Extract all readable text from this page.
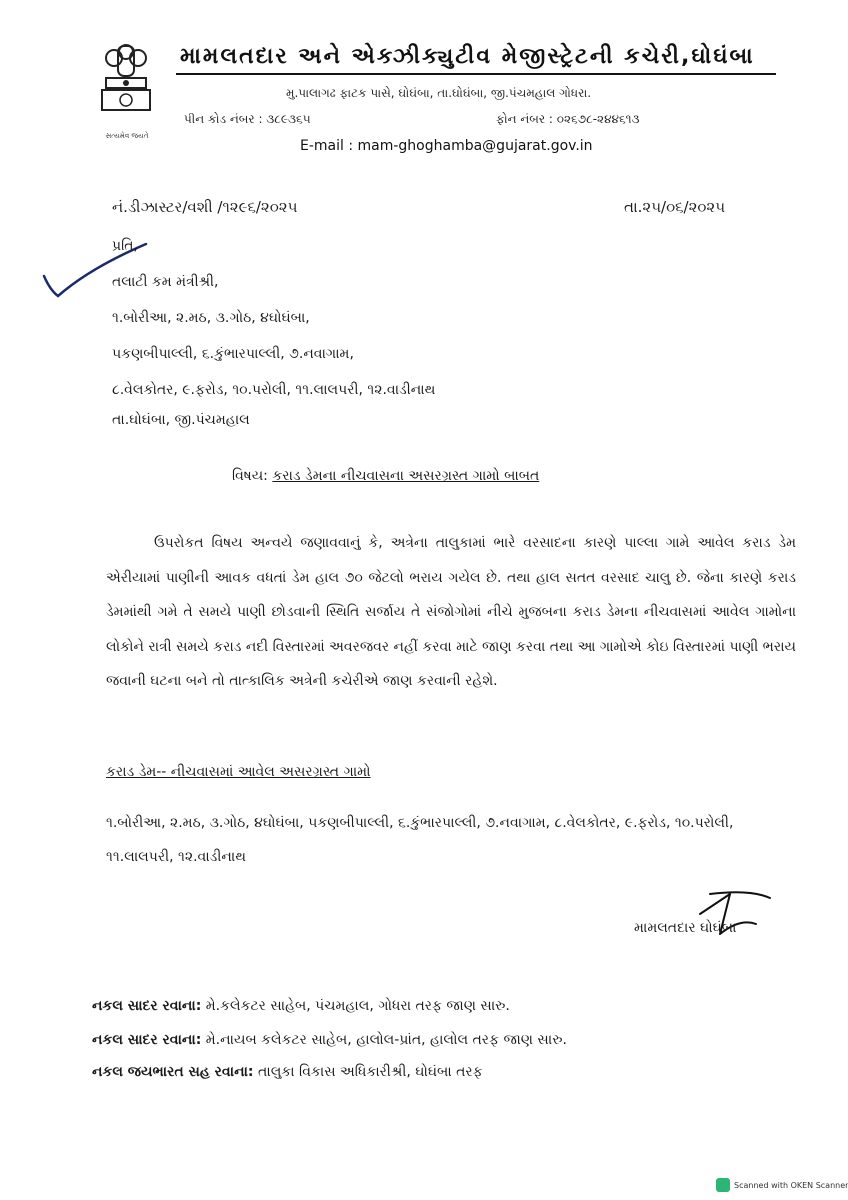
સત્યમેવ જયતે
મામલતદાર અને એક્ઝીક્યુટીવ મેજીસ્ટ્રેટની કચેરી,ઘોઘંબા
મુ.પાલાગઢ ફાટક પાસે, ઘોઘંબા, તા.ઘોઘંબા, જી.પંચમહાલ ગોધરા.
પીન કોડ નંબર : ૩૮૯૩૬૫	ફોન નંબર : ૦૨૬૭૮-૨૪૪૬૧૩
E-mail : mam-ghoghamba@gujarat.gov.in
નં.ડીઝાસ્ટર/વશી /૧૨૯૬/૨૦૨૫	તા.૨૫/૦૬/૨૦૨૫
પ્રતિ,
તલાટી કમ મંત્રીશ્રી,
૧.બોરીઆ, ૨.મઠ, ૩.ગોઠ, ૪ઘોઘંબા,
૫કણબીપાલ્લી, ૬.કુંભારપાલ્લી, ૭.નવાગામ,
૮.વેલકોતર, ૯.ફરોડ, ૧૦.પરોલી, ૧૧.લાલપરી, ૧૨.વાડીનાથ
તા.ઘોઘંબા, જી.પંચમહાલ
વિષય: કરાડ ડેમના નીચવાસના અસરગ્રસ્ત ગામો બાબત
ઉપરોકત વિષય અન્વયે જણાવવાનું કે, અત્રેના તાલુકામાં ભારે વરસાદના કારણે પાલ્લા ગામે આવેલ કરાડ ડેમ એરીયામાં પાણીની આવક વધતાં ડેમ હાલ ૭૦ જેટલો ભરાય ગયેલ છે. તથા હાલ સતત વરસાદ ચાલુ છે. જેના કારણે કરાડ ડેમમાંથી ગમે તે સમયે પાણી છોડવાની સ્થિતિ સર્જાય તે સંજોગોમાં નીચે મુજબના કરાડ ડેમના નીચવાસમાં આવેલ ગામોના લોકોને રાત્રી સમયે કરાડ નદી વિસ્તારમાં અવરજવર નહીં કરવા માટે જાણ કરવા તથા આ ગામોએ કોઇ વિસ્તારમાં પાણી ભરાય જવાની ઘટના બને તો તાત્કાલિક અત્રેની કચેરીએ જાણ કરવાની રહેશે.
કરાડ ડેમ-- નીચવાસમાં આવેલ અસરગ્રસ્ત ગામો
૧.બોરીઆ, ૨.મઠ, ૩.ગોઠ, ૪ઘોઘંબા, ૫કણબીપાલ્લી, ૬.કુંભારપાલ્લી, ૭.નવાગામ, ૮.વેલકોતર, ૯.ફરોડ, ૧૦.પરોલી, ૧૧.લાલપરી, ૧૨.વાડીનાથ
મામલતદાર ઘોઘંબા
નકલ સાદર રવાના: મે.કલેકટર સાહેબ, પંચમહાલ, ગોધરા તરફ જાણ સારુ.
નકલ સાદર રવાના: મે.નાયબ કલેકટર સાહેબ, હાલોલ-પ્રાંત, હાલોલ તરફ જાણ સારુ.
નકલ જયભારત સહ રવાના: તાલુકા વિકાસ અધિકારીશ્રી, ઘોઘંબા તરફ
Scanned with OKEN Scanner
